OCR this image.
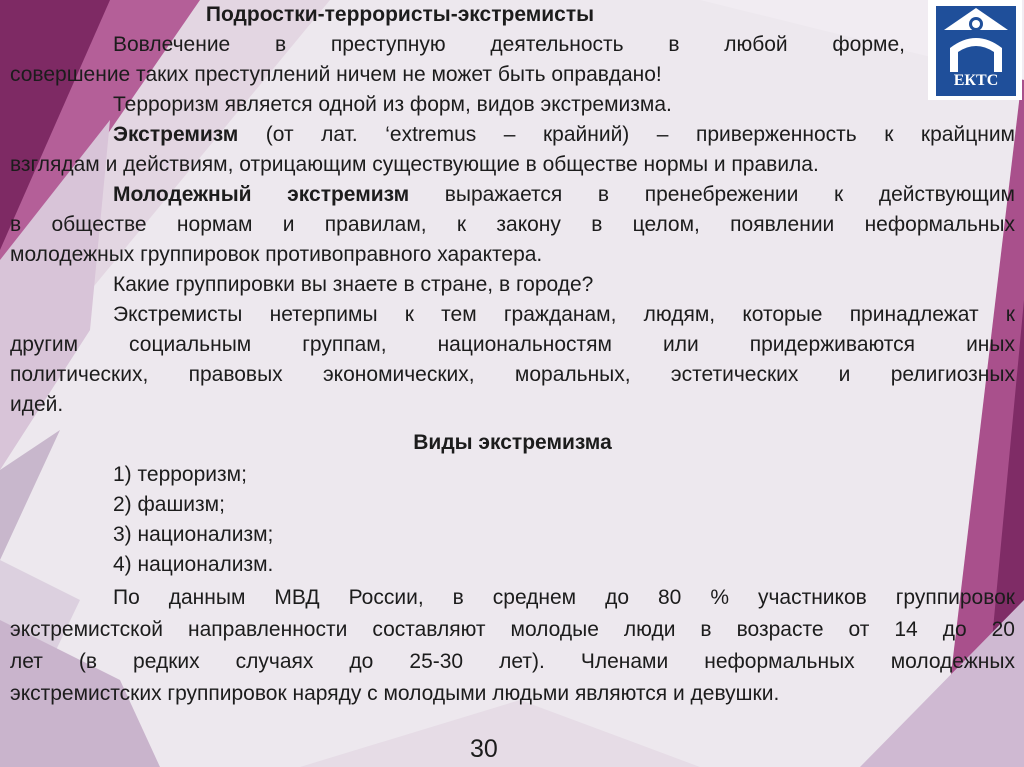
ЕКТС
Подростки-террористы-экстремисты
Вовлечение в преступную деятельность в любой форме,
совершение таких преступлений ничем не может быть оправдано!
Терроризм является одной из форм, видов экстремизма.
Экстремизм (от лат. ‘extremus – крайний) – приверженность к крайцним
взглядам и действиям, отрицающим существующие в обществе нормы и правила.
Молодежный экстремизм выражается в пренебрежении к действующим
в обществе нормам и правилам, к закону в целом, появлении неформальных
молодежных группировок противоправного характера.
Какие группировки вы знаете в стране, в городе?
Экстремисты нетерпимы к тем гражданам, людям, которые принадлежат к
другим социальным группам, национальностям или придерживаются иных
политических, правовых экономических, моральных, эстетических и религиозных
идей.
Виды экстремизма
1) терроризм;
2) фашизм;
3) национализм;
4) национализм.
По данным МВД России, в среднем до 80 % участников группировок
экстремистской направленности составляют молодые люди в возрасте от 14 до 20
лет (в редких случаях до 25-30 лет). Членами неформальных молодежных
экстремистских группировок наряду с молодыми людьми являются и девушки.
30
